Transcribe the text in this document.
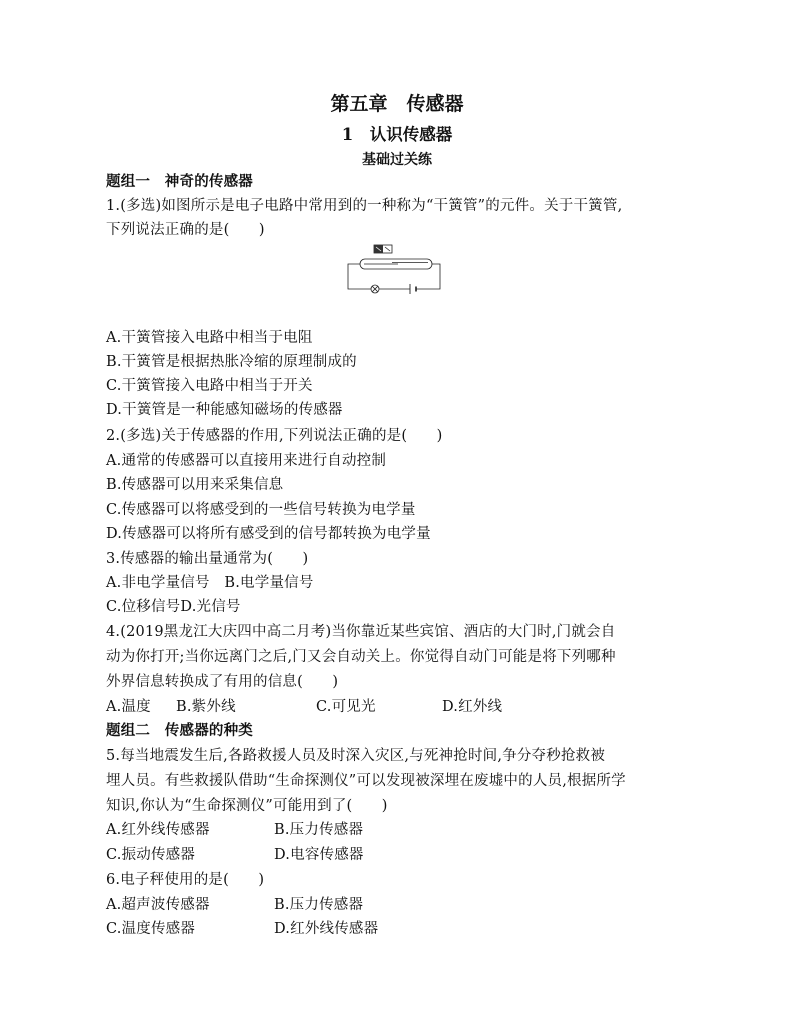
第五章　传感器
1　认识传感器
基础过关练
题组一　神奇的传感器
1.(多选)如图所示是电子电路中常用到的一种称为“干簧管”的元件。关于干簧管,
下列说法正确的是(　　)
A.干簧管接入电路中相当于电阻
B.干簧管是根据热胀冷缩的原理制成的
C.干簧管接入电路中相当于开关
D.干簧管是一种能感知磁场的传感器
2.(多选)关于传感器的作用,下列说法正确的是(　　)
A.通常的传感器可以直接用来进行自动控制
B.传感器可以用来采集信息
C.传感器可以将感受到的一些信号转换为电学量
D.传感器可以将所有感受到的信号都转换为电学量
3.传感器的输出量通常为(　　)
A.非电学量信号　B.电学量信号
C.位移信号D.光信号
4.(2019黑龙江大庆四中高二月考)当你靠近某些宾馆、酒店的大门时,门就会自
动为你打开;当你远离门之后,门又会自动关上。你觉得自动门可能是将下列哪种
外界信息转换成了有用的信息(　　)
A.温度 B.紫外线	C.可见光	D.红外线
题组二　传感器的种类
5.每当地震发生后,各路救援人员及时深入灾区,与死神抢时间,争分夺秒抢救被
埋人员。有些救援队借助“生命探测仪”可以发现被深埋在废墟中的人员,根据所学
知识,你认为“生命探测仪”可能用到了(　　)
A.红外线传感器	B.压力传感器
C.振动传感器	D.电容传感器
6.电子秤使用的是(　　)
A.超声波传感器	B.压力传感器
C.温度传感器	D.红外线传感器
